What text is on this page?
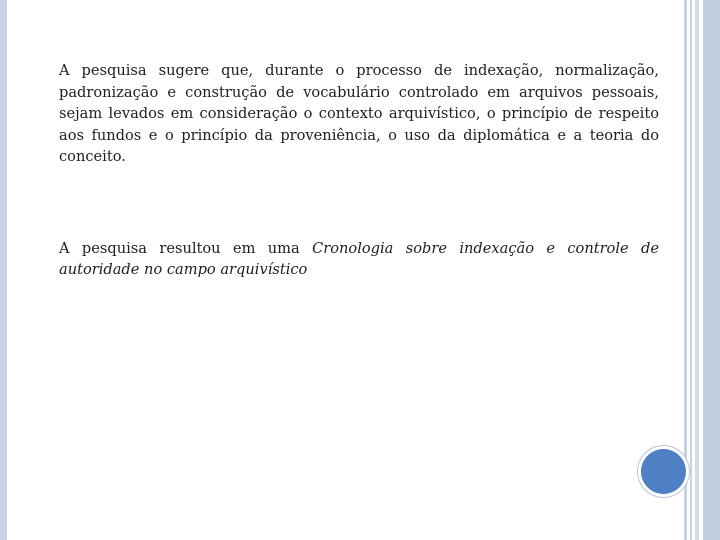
A pesquisa sugere que, durante o processo de indexação, normalização, padronização e construção de vocabulário controlado em arquivos pessoais, sejam levados em consideração o contexto arquivístico, o princípio de respeito aos fundos e o princípio da proveniência, o uso da diplomática e a teoria do conceito.

A pesquisa resultou em uma Cronologia sobre indexação e controle de autoridade no campo arquivístico
